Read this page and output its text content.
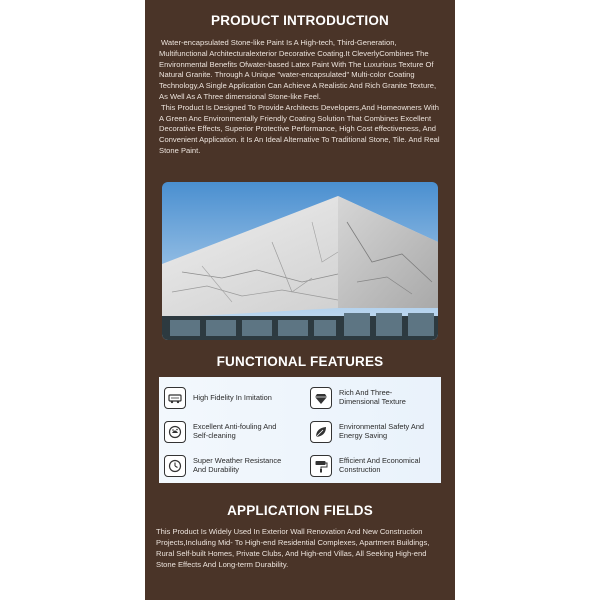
PRODUCT INTRODUCTION

Water-encapsulated Stone-like Paint Is A High-tech, Third-Generation, Multifunctional Architecturalexterior Decorative Coating.It CleverlyCombines The Environmental Benefits Ofwater-based Latex Paint With The Luxurious Texture Of Natural Granite. Through A Unique "water-encapsulated" Multi-color Coating Technology,A Single Application Can Achieve A Realistic And Rich Granite Texture, As Well As A Three dimensional Stone-like Feel.

This Product Is Designed To Provide Architects Developers,And Homeowners With A Green Anc Environmentally Friendly Coating Solution That Combines Excellent Decorative Effects, Superior Protective Performance, High Cost effectiveness, And Convenient Application. it Is An Ideal Alternative To Traditional Stone, Tile. And Real Stone Paint.

FUNCTIONAL FEATURES
High Fidelity In Imitation	Rich And Three-Dimensional Texture
Excellent Anti-fouling And Self-cleaning
Environmental Safety And Energy Saving
Super Weather Resistance And Durability
Efficient And Economical Construction
APPLICATION FIELDS
This Product Is Widely Used In Exterior Wall Renovation And New Construction Projects,Including Mid- To High-end Residential Complexes, Apartment Buildings, Rural Self-built Homes, Private Clubs, And High-end Villas, All Seeking High-end Stone Effects And Long-term Durability.
